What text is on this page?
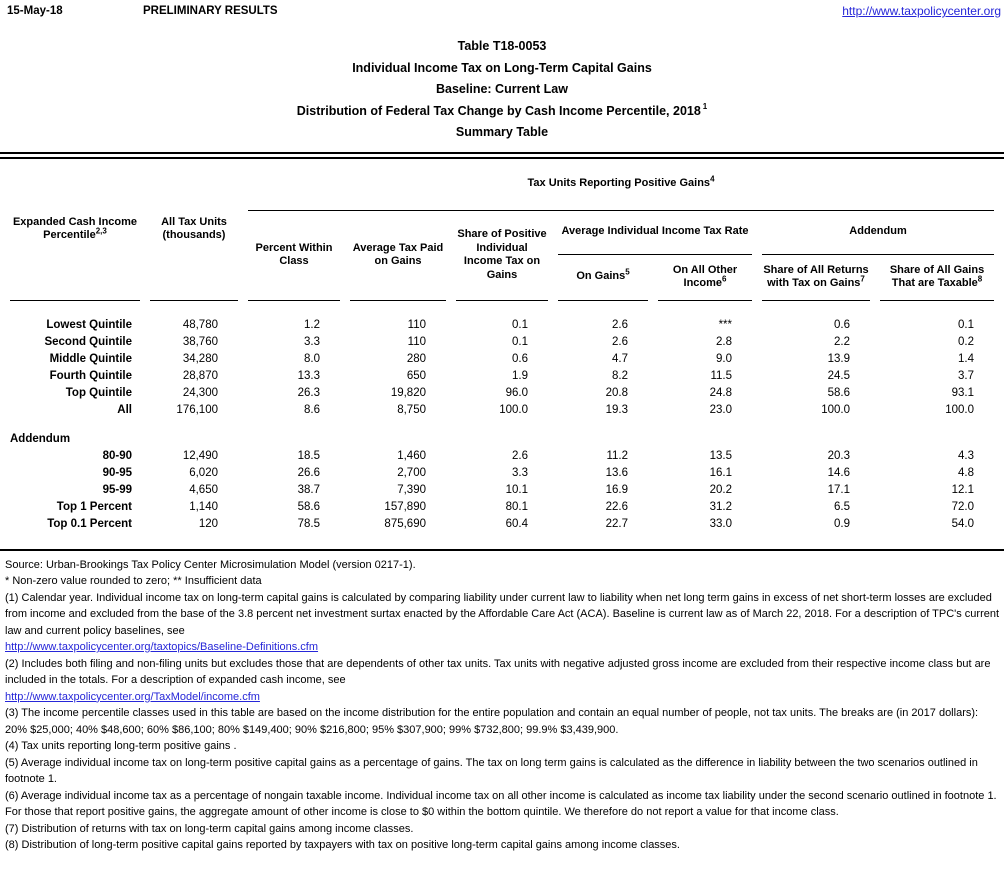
15-May-18	PRELIMINARY RESULTS	http://www.taxpolicycenter.org
Table T18-0053
Individual Income Tax on Long-Term Capital Gains
Baseline: Current Law
Distribution of Federal Tax Change by Cash Income Percentile, 2018 $^1$
Summary Table
Expanded Cash Income Percentile$^{2,3}$	All Tax Units (thousands)	Tax Units Reporting Positive Gains$^4$
		Percent Within Class	Average Tax Paid on Gains	Share of Positive Individual Income Tax on Gains	Average Individual Income Tax Rate		Addendum	
					On Gains$^5$	On All Other Income$^6$	Share of All Returns with Tax on Gains$^7$	Share of All Gains That are Taxable$^8$

Lowest Quintile	48,780	1.2	110	0.1	2.6	***	0.6	0.1
Second Quintile	38,760	3.3	110	0.1	2.6	2.8	2.2	0.2
Middle Quintile	34,280	8.0	280	0.6	4.7	9.0	13.9	1.4
Fourth Quintile	28,870	13.3	650	1.9	8.2	11.5	24.5	3.7
Top Quintile	24,300	26.3	19,820	96.0	20.8	24.8	58.6	93.1
All	176,100	8.6	8,750	100.0	19.3	23.0	100.0	100.0

Addendum								
80-90	12,490	18.5	1,460	2.6	11.2	13.5	20.3	4.3
90-95	6,020	26.6	2,700	3.3	13.6	16.1	14.6	4.8
95-99	4,650	38.7	7,390	10.1	16.9	20.2	17.1	12.1
Top 1 Percent	1,140	58.6	157,890	80.1	22.6	31.2	6.5	72.0
Top 0.1 Percent	120	78.5	875,690	60.4	22.7	33.0	0.9	54.0

Source: Urban-Brookings Tax Policy Center Microsimulation Model (version 0217-1).

* Non-zero value rounded to zero; ** Insufficient data

(1) Calendar year. Individual income tax on long-term capital gains is calculated by comparing liability under current law to liability when net long term gains in excess of net short-term losses are excluded from income and excluded from the base of the 3.8 percent net investment surtax enacted by the Affordable Care Act (ACA). Baseline is current law as of March 22, 2018. For a description of TPC's current law and current policy baselines, see

http://www.taxpolicycenter.org/taxtopics/Baseline-Definitions.cfm

(2) Includes both filing and non-filing units but excludes those that are dependents of other tax units. Tax units with negative adjusted gross income are excluded from their respective income class but are included in the totals. For a description of expanded cash income, see

http://www.taxpolicycenter.org/TaxModel/income.cfm

(3) The income percentile classes used in this table are based on the income distribution for the entire population and contain an equal number of people, not tax units. The breaks are (in 2017 dollars): 20% $25,000; 40% $48,600; 60% $86,100; 80% $149,400; 90% $216,800; 95% $307,900; 99% $732,800; 99.9% $3,439,900.

(4) Tax units reporting long-term positive gains .

(5) Average individual income tax on long-term positive capital gains as a percentage of gains. The tax on long term gains is calculated as the difference in liability between the two scenarios outlined in footnote 1.

(6) Average individual income tax as a percentage of nongain taxable income. Individual income tax on all other income is calculated as income tax liability under the second scenario outlined in footnote 1. For those that report positive gains, the aggregate amount of other income is close to $0 within the bottom quintile. We therefore do not report a value for that income class.

(7) Distribution of returns with tax on long-term capital gains among income classes.

(8) Distribution of long-term positive capital gains reported by taxpayers with tax on positive long-term capital gains among income classes.
